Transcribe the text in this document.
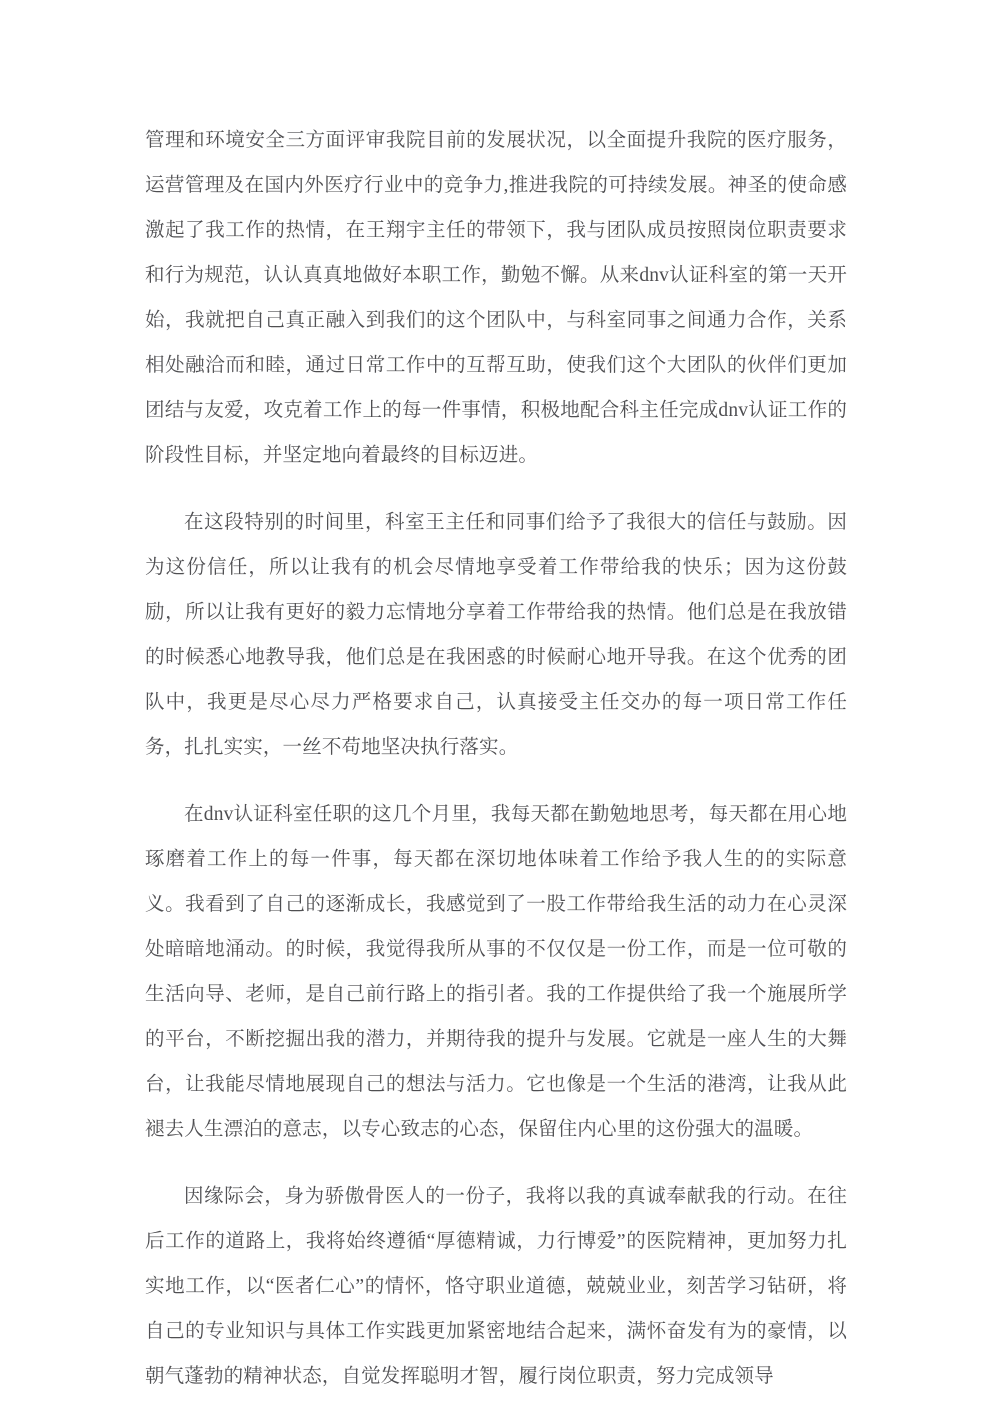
管理和环境安全三方面评审我院目前的发展状况，以全面提升我院的医疗服务，运营管理及在国内外医疗行业中的竞争力,推进我院的可持续发展。神圣的使命感激起了我工作的热情，在王翔宇主任的带领下，我与团队成员按照岗位职责要求和行为规范，认认真真地做好本职工作，勤勉不懈。从来dnv认证科室的第一天开始，我就把自己真正融入到我们的这个团队中，与科室同事之间通力合作，关系相处融洽而和睦，通过日常工作中的互帮互助，使我们这个大团队的伙伴们更加团结与友爱，攻克着工作上的每一件事情，积极地配合科主任完成dnv认证工作的阶段性目标，并坚定地向着最终的目标迈进。

在这段特别的时间里，科室王主任和同事们给予了我很大的信任与鼓励。因为这份信任，所以让我有的机会尽情地享受着工作带给我的快乐；因为这份鼓励，所以让我有更好的毅力忘情地分享着工作带给我的热情。他们总是在我放错的时候悉心地教导我，他们总是在我困惑的时候耐心地开导我。在这个优秀的团队中，我更是尽心尽力严格要求自己，认真接受主任交办的每一项日常工作任务，扎扎实实，一丝不苟地坚决执行落实。

在dnv认证科室任职的这几个月里，我每天都在勤勉地思考，每天都在用心地琢磨着工作上的每一件事，每天都在深切地体味着工作给予我人生的的实际意义。我看到了自己的逐渐成长，我感觉到了一股工作带给我生活的动力在心灵深处暗暗地涌动。的时候，我觉得我所从事的不仅仅是一份工作，而是一位可敬的生活向导、老师，是自己前行路上的指引者。我的工作提供给了我一个施展所学的平台，不断挖掘出我的潜力，并期待我的提升与发展。它就是一座人生的大舞台，让我能尽情地展现自己的想法与活力。它也像是一个生活的港湾，让我从此褪去人生漂泊的意志，以专心致志的心态，保留住内心里的这份强大的温暖。

因缘际会，身为骄傲骨医人的一份子，我将以我的真诚奉献我的行动。在往后工作的道路上，我将始终遵循“厚德精诚，力行博爱”的医院精神，更加努力扎实地工作，以“医者仁心”的情怀，恪守职业道德，兢兢业业，刻苦学习钻研，将自己的专业知识与具体工作实践更加紧密地结合起来，满怀奋发有为的豪情，以朝气蓬勃的精神状态，自觉发挥聪明才智，履行岗位职责，努力完成领导
